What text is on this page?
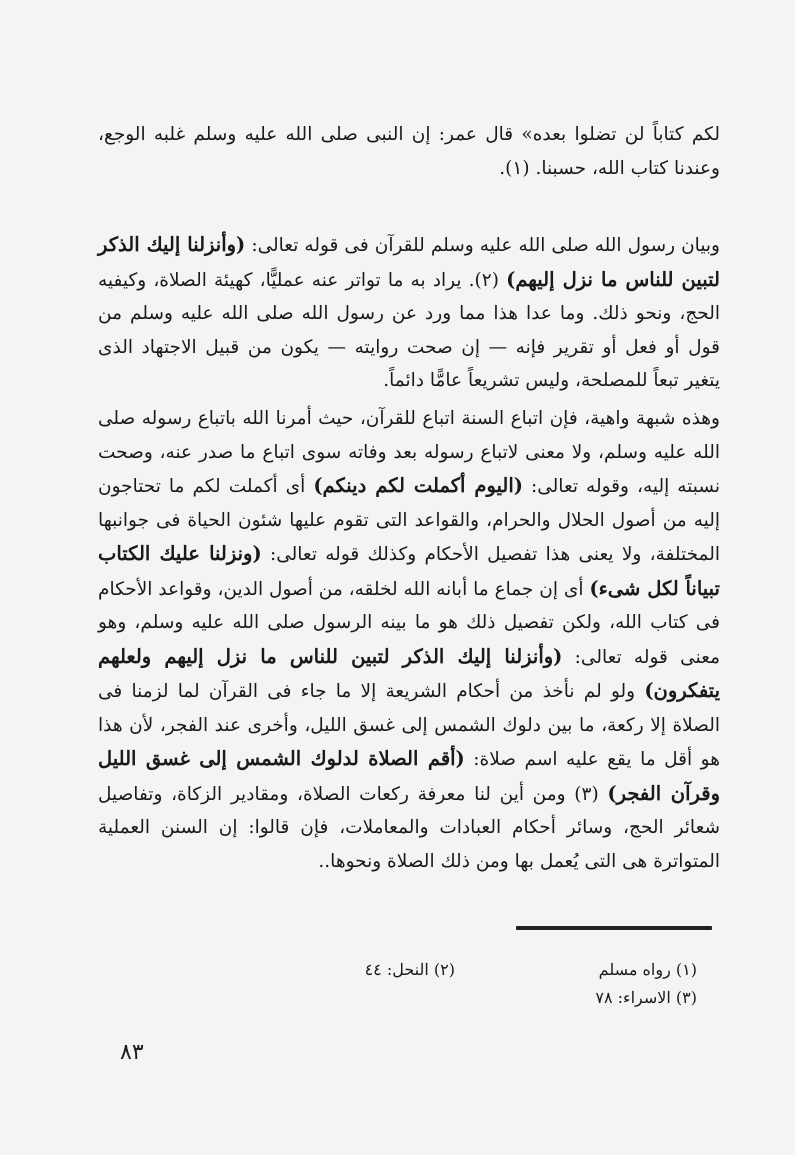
لكم كتاباً لن تضلوا بعده» قال عمر: إن النبى صلى الله عليه وسلم غلبه الوجع، وعندنا كتاب الله، حسبنا. (١).

وبيان رسول الله صلى الله عليه وسلم للقرآن فى قوله تعالى: (وأنزلنا إليك الذكر لتبين للناس ما نزل إليهم) (٢). يراد به ما تواتر عنه عمليًّا، كهيئة الصلاة، وكيفيه الحج، ونحو ذلك. وما عدا هذا مما ورد عن رسول الله صلى الله عليه وسلم من قول أو فعل أو تقرير فإنه — إن صحت روايته — يكون من قبيل الاجتهاد الذى يتغير تبعاً للمصلحة، وليس تشريعاً عامًّا دائماً.

وهذه شبهة واهية، فإن اتباع السنة اتباع للقرآن، حيث أمرنا الله باتباع رسوله صلى الله عليه وسلم، ولا معنى لاتباع رسوله بعد وفاته سوى اتباع ما صدر عنه، وصحت نسبته إليه، وقوله تعالى: (اليوم أكملت لكم دينكم) أى أكملت لكم ما تحتاجون إليه من أصول الحلال والحرام، والقواعد التى تقوم عليها شئون الحياة فى جوانبها المختلفة، ولا يعنى هذا تفصيل الأحكام وكذلك قوله تعالى: (ونزلنا عليك الكتاب تبياناً لكل شىء) أى إن جماع ما أبانه الله لخلقه، من أصول الدين، وقواعد الأحكام فى كتاب الله، ولكن تفصيل ذلك هو ما بينه الرسول صلى الله عليه وسلم، وهو معنى قوله تعالى: (وأنزلنا إليك الذكر لتبين للناس ما نزل إليهم ولعلهم يتفكرون) ولو لم نأخذ من أحكام الشريعة إلا ما جاء فى القرآن لما لزمنا فى الصلاة إلا ركعة، ما بين دلوك الشمس إلى غسق الليل، وأخرى عند الفجر، لأن هذا هو أقل ما يقع عليه اسم صلاة: (أقم الصلاة لدلوك الشمس إلى غسق الليل وقرآن الفجر) (٣) ومن أين لنا معرفة ركعات الصلاة، ومقادير الزكاة، وتفاصيل شعائر الحج، وسائر أحكام العبادات والمعاملات، فإن قالوا: إن السنن العملية المتواترة هى التى يُعمل بها ومن ذلك الصلاة ونحوها..

(١) رواه مسلم
(٢) النحل: ٤٤
(٣) الاسراء: ٧٨
٨٣
